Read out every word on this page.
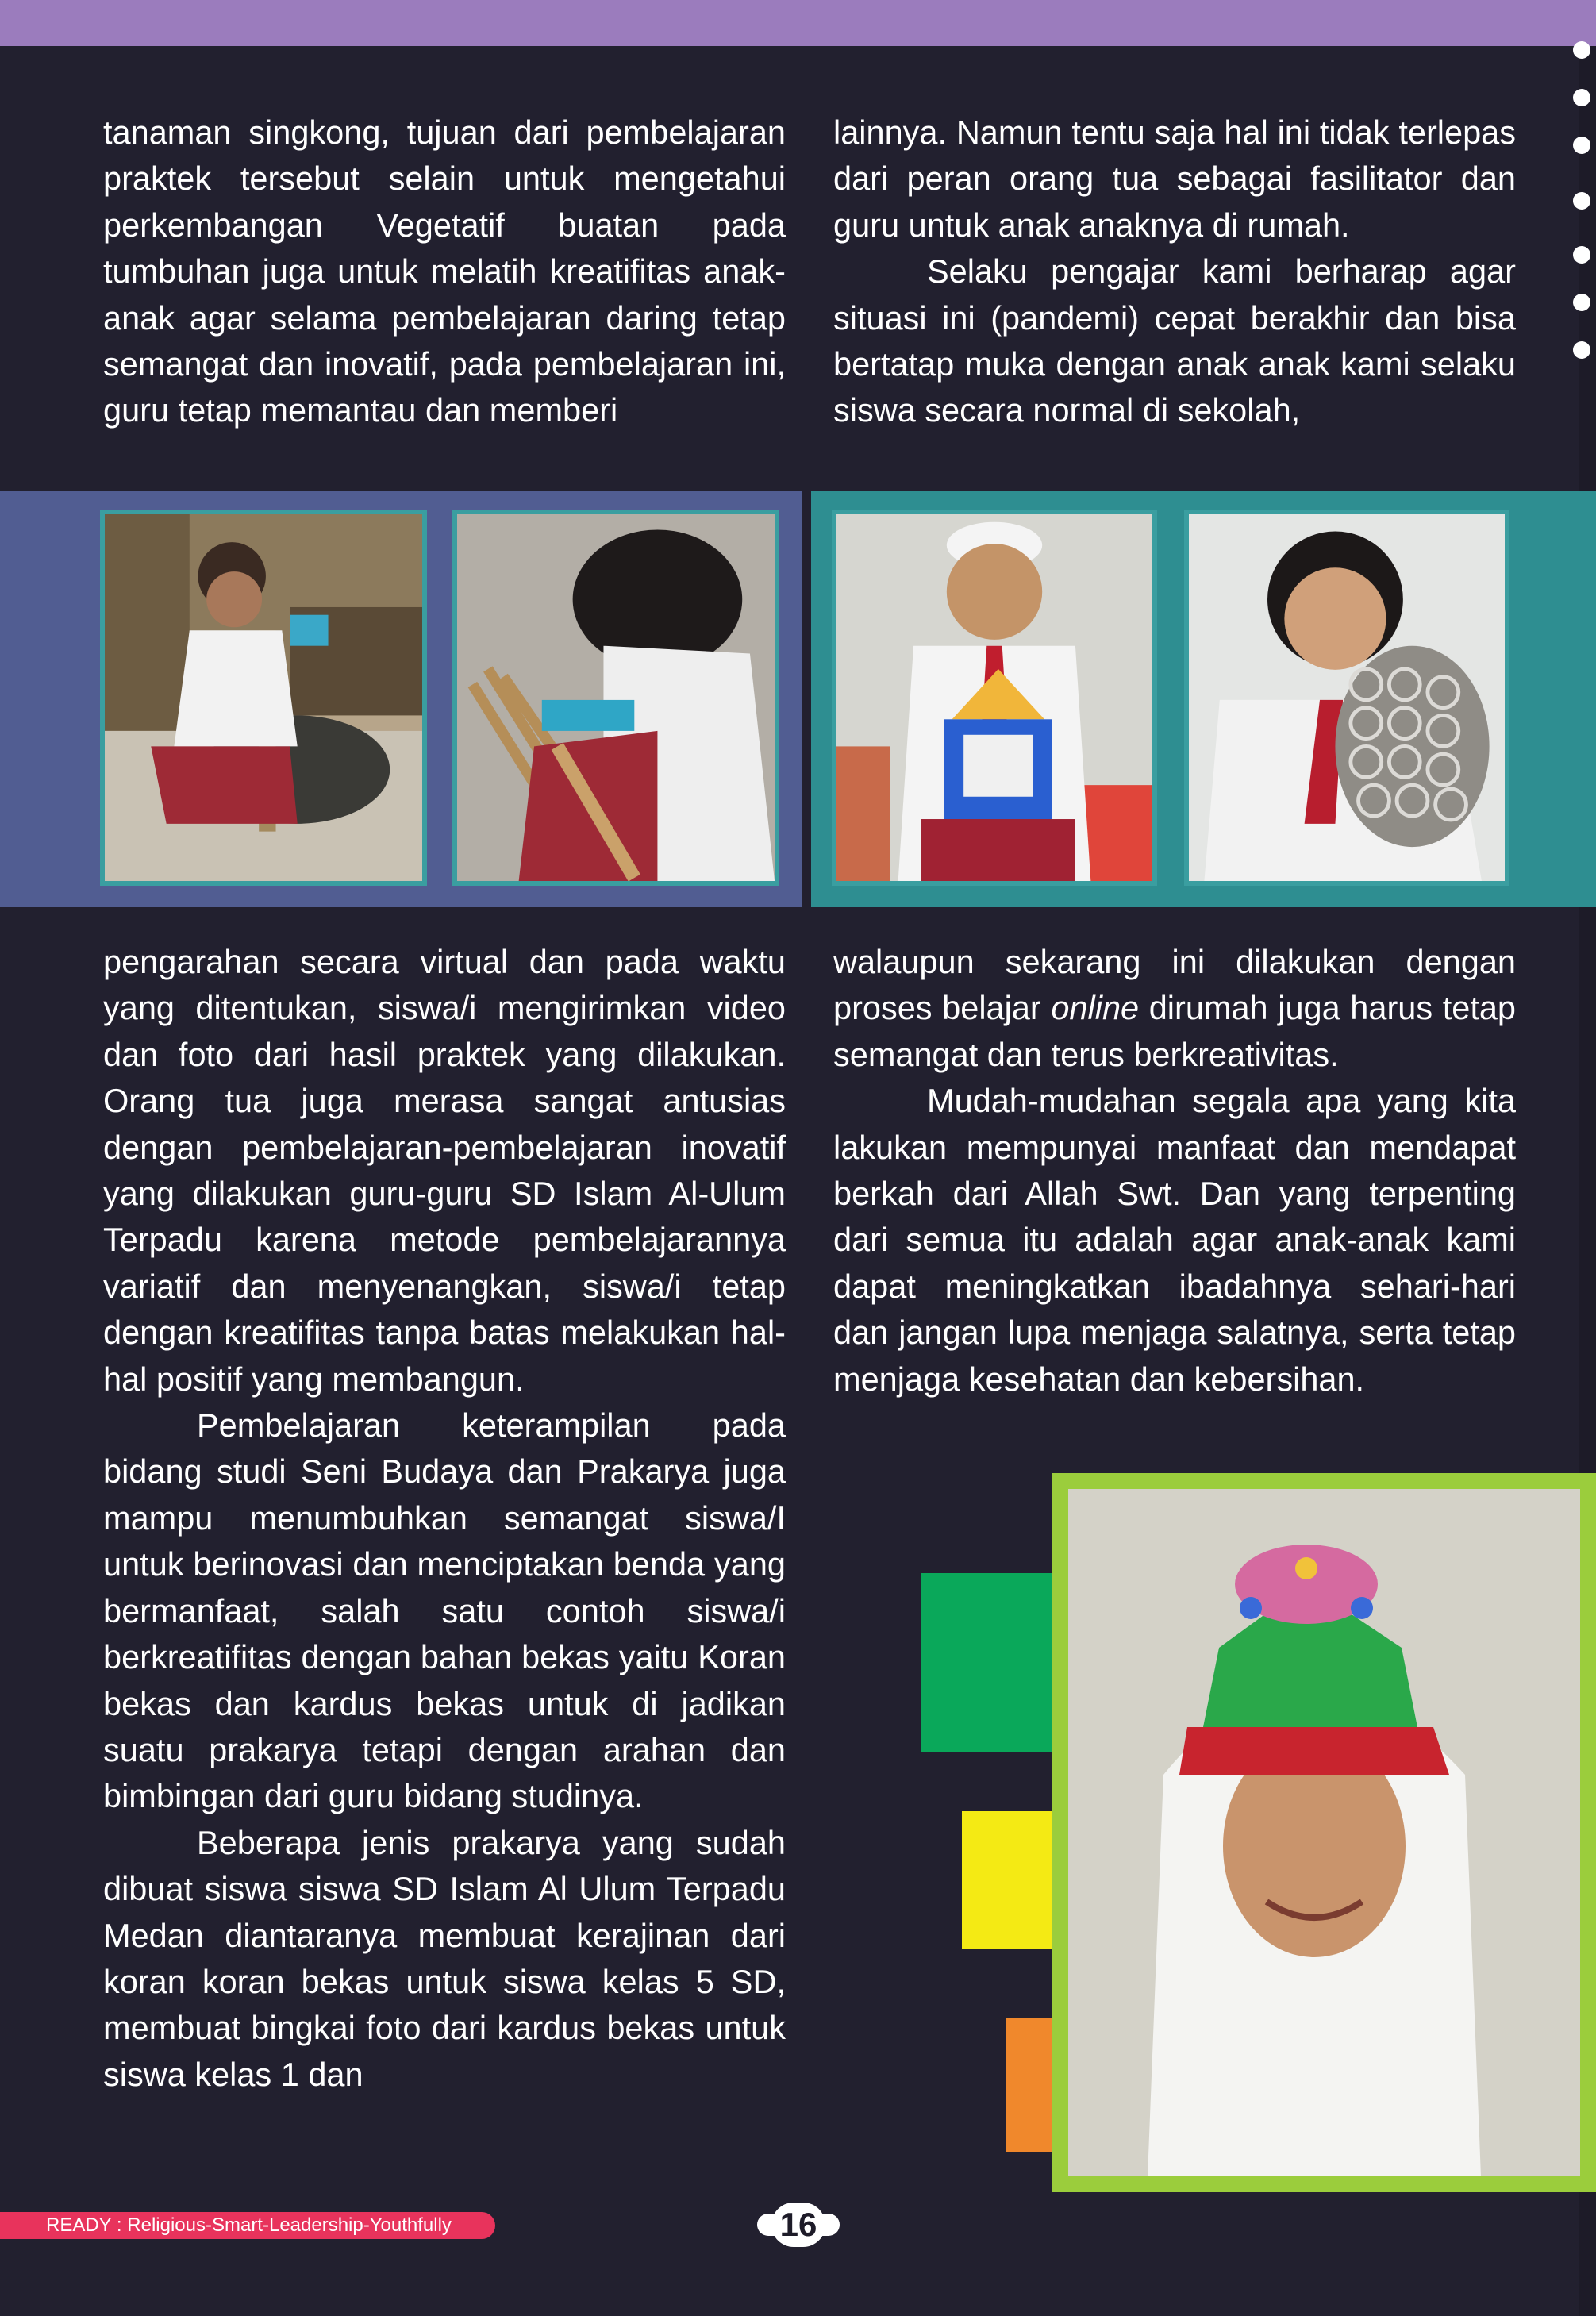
tanaman singkong, tujuan dari pembelajaran praktek tersebut selain untuk mengetahui perkembangan Vegetatif buatan pada tumbuhan juga untuk melatih kreatifitas anak-anak agar selama pembelajaran daring tetap semangat dan inovatif, pada pembelajaran ini, guru tetap memantau dan memberi

lainnya. Namun tentu saja hal ini tidak terlepas dari peran orang tua sebagai fasilitator dan guru untuk anak anaknya di rumah.

Selaku pengajar kami berharap agar situasi ini (pandemi) cepat berakhir dan bisa bertatap muka dengan anak anak kami selaku siswa secara normal di sekolah,

pengarahan secara virtual dan pada waktu yang ditentukan, siswa/i mengirimkan video dan foto dari hasil praktek yang dilakukan. Orang tua juga merasa sangat antusias dengan pembelajaran-pembelajaran inovatif yang dilakukan guru-guru SD Islam Al-Ulum Terpadu karena metode pembelajarannya variatif dan menyenangkan, siswa/i tetap dengan kreatifitas tanpa batas melakukan hal-hal positif yang membangun.

Pembelajaran keterampilan pada bidang studi Seni Budaya dan Prakarya juga mampu menumbuhkan semangat siswa/I untuk berinovasi dan menciptakan benda yang bermanfaat, salah satu contoh siswa/i berkreatifitas dengan bahan bekas yaitu Koran bekas dan kardus bekas untuk di jadikan suatu prakarya tetapi dengan arahan dan bimbingan dari guru bidang studinya.

Beberapa jenis prakarya yang sudah dibuat siswa siswa SD Islam Al Ulum Terpadu Medan diantaranya membuat kerajinan dari koran koran bekas untuk siswa kelas 5 SD, membuat bingkai foto dari kardus bekas untuk siswa kelas 1 dan

walaupun sekarang ini dilakukan dengan proses belajar online dirumah juga harus tetap semangat dan terus berkreativitas.

Mudah-mudahan segala apa yang kita lakukan mempunyai manfaat dan mendapat berkah dari Allah Swt. Dan yang terpenting dari semua itu adalah agar anak-anak kami dapat meningkatkan ibadahnya sehari-hari dan jangan lupa menjaga salatnya, serta tetap menjaga kesehatan dan kebersihan.

READY : Religious-Smart-Leadership-Youthfully	16
